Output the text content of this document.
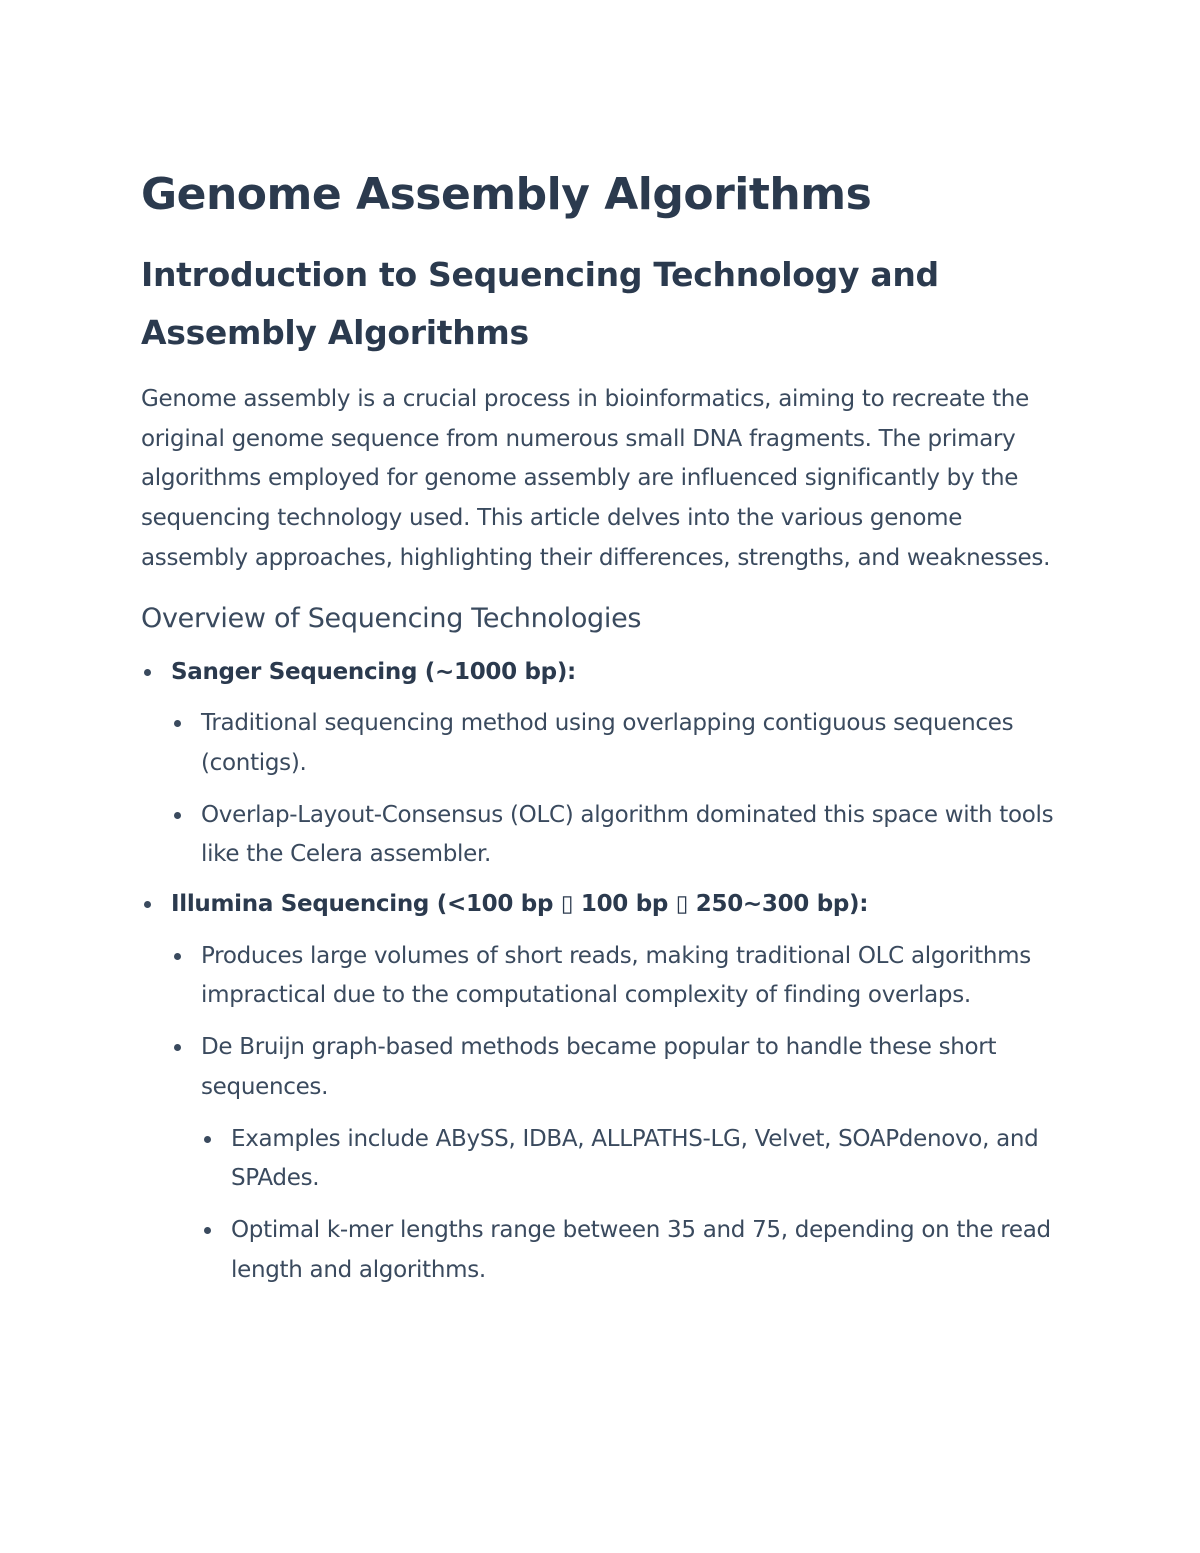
Genome Assembly Algorithms
Introduction to Sequencing Technology and Assembly Algorithms

Genome assembly is a crucial process in bioinformatics, aiming to recreate the original genome sequence from numerous small DNA fragments. The primary algorithms employed for genome assembly are influenced significantly by the sequencing technology used. This article delves into the various genome assembly approaches, highlighting their differences, strengths, and weaknesses.

Overview of Sequencing Technologies
Sanger Sequencing (~1000 bp):
Traditional sequencing method using overlapping contiguous sequences (contigs).
Overlap-Layout-Consensus (OLC) algorithm dominated this space with tools like the Celera assembler.
Illumina Sequencing (<100 bp ▯ 100 bp ▯ 250~300 bp):
Produces large volumes of short reads, making traditional OLC algorithms impractical due to the computational complexity of finding overlaps.
De Bruijn graph-based methods became popular to handle these short sequences.
Examples include ABySS, IDBA, ALLPATHS-LG, Velvet, SOAPdenovo, and SPAdes.
Optimal k-mer lengths range between 35 and 75, depending on the read length and algorithms.
